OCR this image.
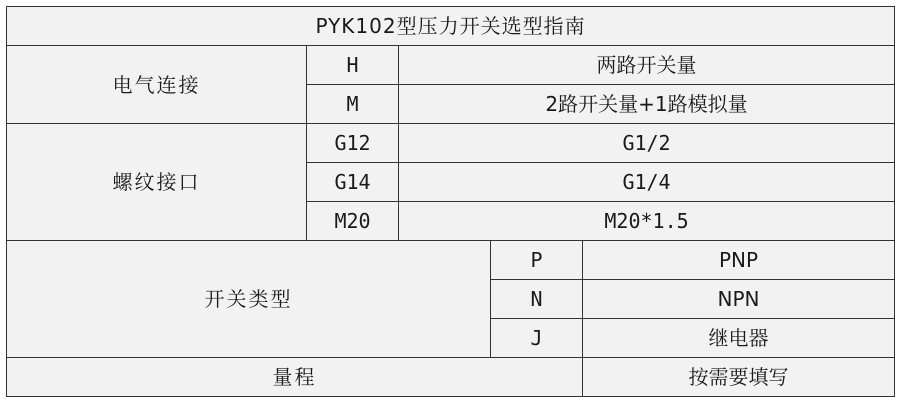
PYK102型压力开关选型指南				
电气连接	H	两路开关量		
	M	2路开关量+1路模拟量		
螺纹接口	G12	G1/2		
	G14	G1/4		
	M20	M20*1.5		
开关类型			P	PNP
			N	NPN
			J	继电器
量程				按需要填写
